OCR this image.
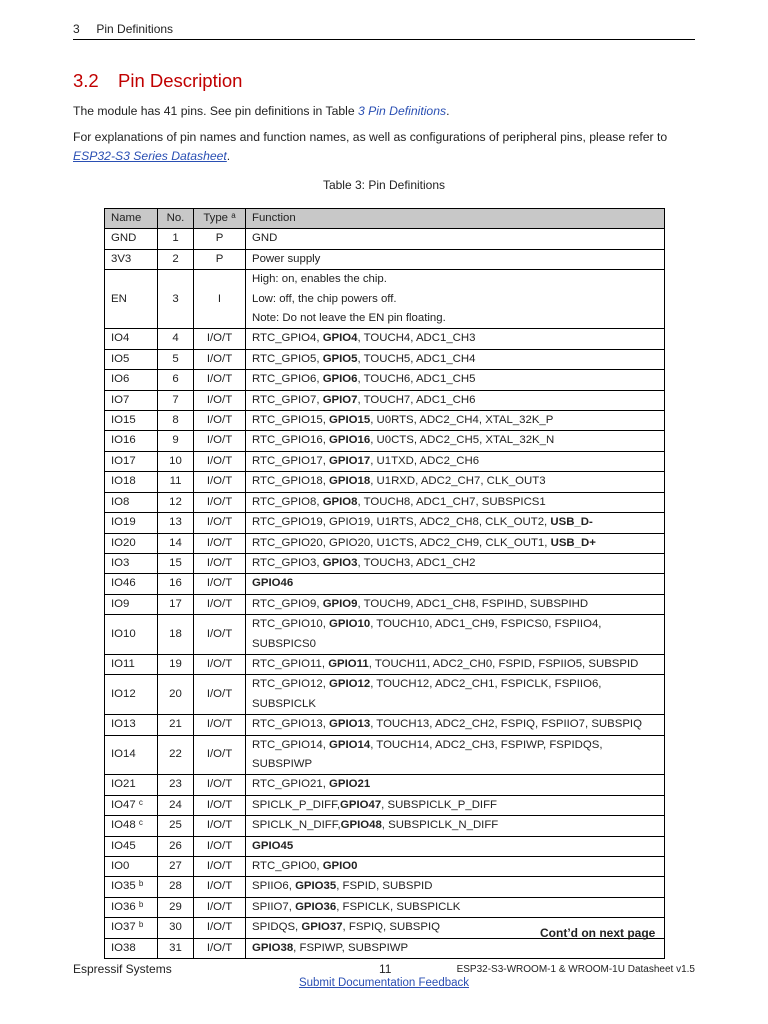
3 Pin Definitions
3.2 Pin Description
The module has 41 pins. See pin definitions in Table 3 Pin Definitions.
For explanations of pin names and function names, as well as configurations of peripheral pins, please refer to ESP32-S3 Series Datasheet.
Table 3: Pin Definitions
Name	No.	Type $^a$	Function
GND	1	P	GND

3V3	2	P	Power supply

EN	3	I	High: on, enables the chip.
Low: off, the chip powers off.
Note: Do not leave the EN pin floating.

IO4	4	I/O/T	RTC_GPIO4, GPIO4, TOUCH4, ADC1_CH3

IO5	5	I/O/T	RTC_GPIO5, GPIO5, TOUCH5, ADC1_CH4

IO6	6	I/O/T	RTC_GPIO6, GPIO6, TOUCH6, ADC1_CH5

IO7	7	I/O/T	RTC_GPIO7, GPIO7, TOUCH7, ADC1_CH6

IO15	8	I/O/T	RTC_GPIO15, GPIO15, U0RTS, ADC2_CH4, XTAL_32K_P

IO16	9	I/O/T	RTC_GPIO16, GPIO16, U0CTS, ADC2_CH5, XTAL_32K_N

IO17	10	I/O/T	RTC_GPIO17, GPIO17, U1TXD, ADC2_CH6

IO18	11	I/O/T	RTC_GPIO18, GPIO18, U1RXD, ADC2_CH7, CLK_OUT3

IO8	12	I/O/T	RTC_GPIO8, GPIO8, TOUCH8, ADC1_CH7, SUBSPICS1

IO19	13	I/O/T	RTC_GPIO19, GPIO19, U1RTS, ADC2_CH8, CLK_OUT2, USB_D-

IO20	14	I/O/T	RTC_GPIO20, GPIO20, U1CTS, ADC2_CH9, CLK_OUT1, USB_D+

IO3	15	I/O/T	RTC_GPIO3, GPIO3, TOUCH3, ADC1_CH2

IO46	16	I/O/T	GPIO46

IO9	17	I/O/T	RTC_GPIO9, GPIO9, TOUCH9, ADC1_CH8, FSPIHD, SUBSPIHD

IO10	18	I/O/T	RTC_GPIO10, GPIO10, TOUCH10, ADC1_CH9, FSPICS0, FSPIIO4,
SUBSPICS0

IO11	19	I/O/T	RTC_GPIO11, GPIO11, TOUCH11, ADC2_CH0, FSPID, FSPIIO5, SUBSPID

IO12	20	I/O/T	RTC_GPIO12, GPIO12, TOUCH12, ADC2_CH1, FSPICLK, FSPIIO6,
SUBSPICLK

IO13	21	I/O/T	RTC_GPIO13, GPIO13, TOUCH13, ADC2_CH2, FSPIQ, FSPIIO7, SUBSPIQ

IO14	22	I/O/T	RTC_GPIO14, GPIO14, TOUCH14, ADC2_CH3, FSPIWP, FSPIDQS,
SUBSPIWP

IO21	23	I/O/T	RTC_GPIO21, GPIO21

IO47 $^c$	24	I/O/T	SPICLK_P_DIFF,GPIO47, SUBSPICLK_P_DIFF

IO48 $^c$	25	I/O/T	SPICLK_N_DIFF,GPIO48, SUBSPICLK_N_DIFF

IO45	26	I/O/T	GPIO45

IO0	27	I/O/T	RTC_GPIO0, GPIO0

IO35 $^b$	28	I/O/T	SPIIO6, GPIO35, FSPID, SUBSPID

IO36 $^b$	29	I/O/T	SPIIO7, GPIO36, FSPICLK, SUBSPICLK

IO37 $^b$	30	I/O/T	SPIDQS, GPIO37, FSPIQ, SUBSPIQ

IO38	31	I/O/T	GPIO38, FSPIWP, SUBSPIWP
Cont’d on next page
Espressif Systems	11	ESP32-S3-WROOM-1 & WROOM-1U Datasheet v1.5
Submit Documentation Feedback
